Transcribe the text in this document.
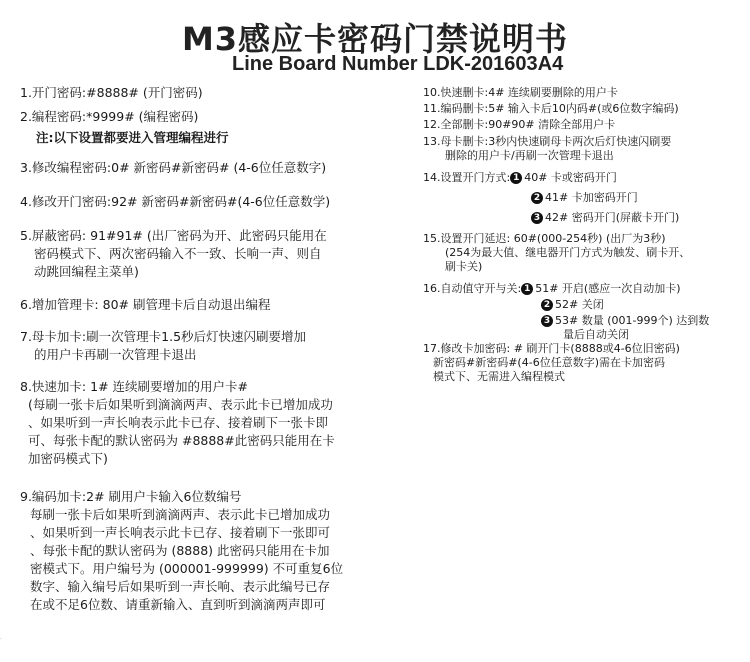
M3感应卡密码门禁说明书
Line Board Number LDK-201603A4
1.开门密码:#8888# (开门密码)
2.编程密码:*9999# (编程密码)
注:以下设置都要进入管理编程进行
3.修改编程密码:0# 新密码#新密码# (4-6位任意数字)
4.修改开门密码:92# 新密码#新密码#(4-6位任意数学)
5.屏蔽密码: 91#91# (出厂密码为开、此密码只能用在
密码模式下、两次密码输入不一致、长响一声、则自
动跳回编程主菜单)
6.增加管理卡: 80# 刷管理卡后自动退出编程
7.母卡加卡:刷一次管理卡1.5秒后灯快速闪刷要增加
的用户卡再刷一次管理卡退出
8.快速加卡: 1# 连续刷要增加的用户卡#
(每刷一张卡后如果听到滴滴两声、表示此卡已增加成功
、如果听到一声长响表示此卡已存、接着刷下一张卡即
可、每张卡配的默认密码为 #8888#此密码只能用在卡
加密码模式下)
9.编码加卡:2# 刷用户卡输入6位数编号
每刷一张卡后如果听到滴滴两声、表示此卡已增加成功
、如果听到一声长响表示此卡已存、接着刷下一张即可
、每张卡配的默认密码为 (8888) 此密码只能用在卡加
密模式下。用户编号为 (000001-999999) 不可重复6位
数字、输入编号后如果听到一声长响、表示此编号已存
在或不足6位数、请重新输入、直到听到滴滴两声即可
10.快速删卡:4# 连续刷要删除的用户卡
11.编码删卡:5# 输入卡后10内码#(或6位数字编码)
12.全部删卡:90#90# 清除全部用户卡
13.母卡删卡:3秒内快速刷母卡两次后灯快速闪刷要
删除的用户卡/再刷一次管理卡退出
14.设置开门方式: 1 40# 卡或密码开门
2 41# 卡加密码开门
3 42# 密码开门(屏蔽卡开门)
15.设置开门延迟: 60#(000-254秒) (出厂为3秒)
(254为最大值、继电器开门方式为触发、刷卡开、
刷卡关)
16.自动值守开与关: 1 51# 开启(感应一次自动加卡)
2 52# 关闭
3 53# 数量 (001-999个) 达到数
量后自动关闭
17.修改卡加密码: # 刷开门卡(8888或4-6位旧密码)
新密码#新密码#(4-6位任意数字)需在卡加密码
模式下、无需进入编程模式
·
